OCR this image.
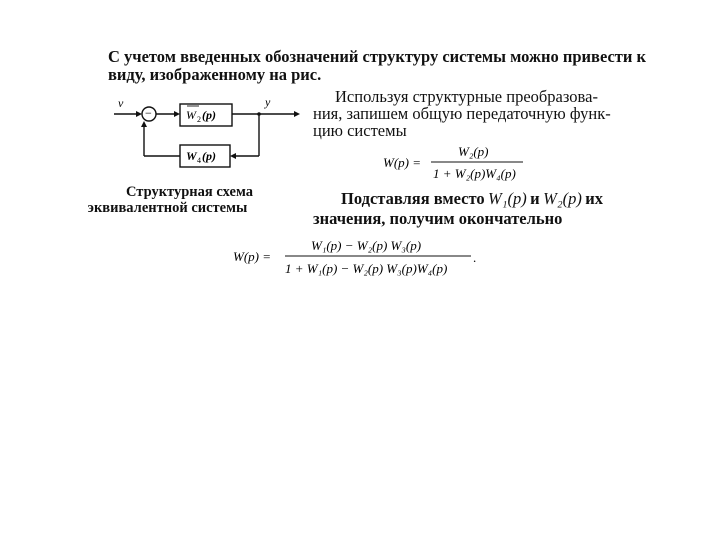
С учетом введенных обозначений структуру системы можно привести к
виду, изображенному на рис.
v	y
−	W 2 (p)
W 4 (p)
Структурная схема
эквивалентной системы
Используя структурные преобразова-
ния, запишем общую передаточную функ-
цию системы
W(p) =
W₂(p)
1 + W₂(p)W₄(p)
Подставляя вместо W₁(p) и W₂(p) их
значения, получим окончательно
W(p) =
W₁(p) − W₂(p) W₃(p)
1 + W₁(p) − W₂(p) W₃(p)W₄(p)
.
